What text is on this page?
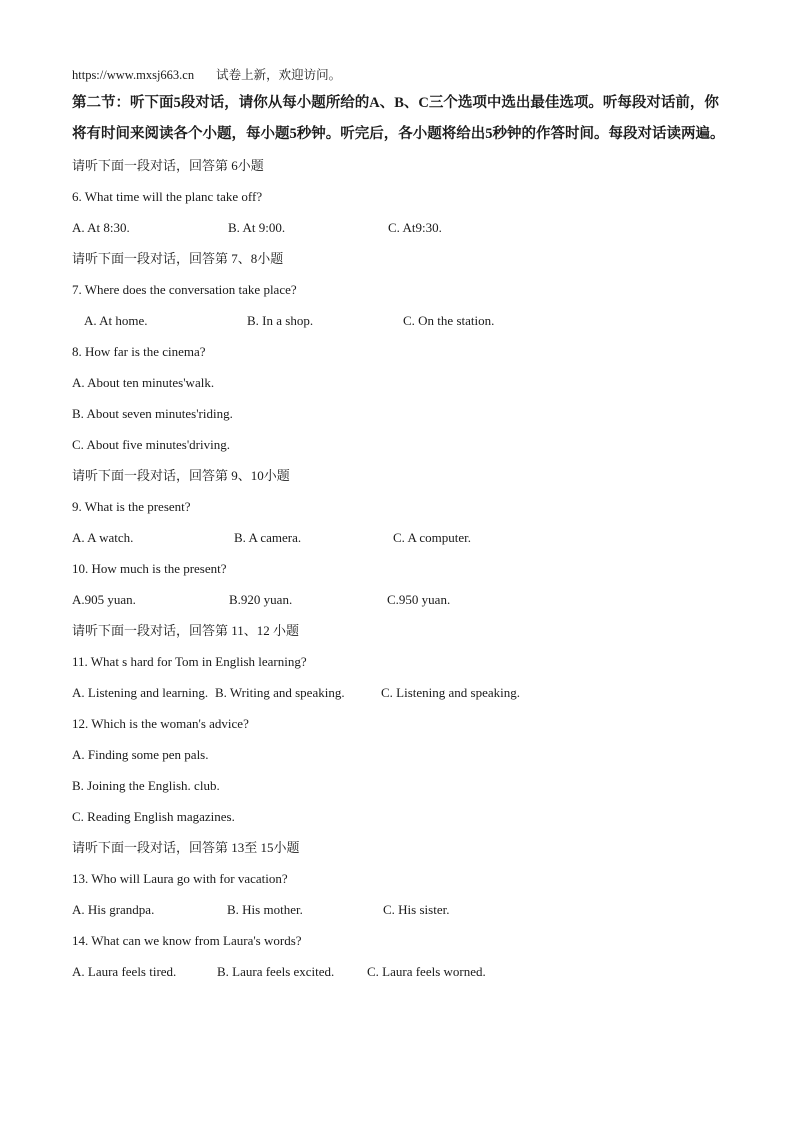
https://www.mxsj663.cn 试卷上新，欢迎访问。
第二节：听下面5段对话，请你从每小题所给的A、B、C三个选项中选出最佳选项。听每段对话前，你将有时间来阅读各个小题，每小题5秒钟。听完后，各小题将给出5秒钟的作答时间。每段对话读两遍。
请听下面一段对话，回答第 6小题
6. What time will the planc take off?
A. At 8:30.	B. At 9:00.	C. At9:30.
请听下面一段对话，回答第 7、8小题
7. Where does the conversation take place?
A. At home.	B. In a shop.	C. On the station.
8. How far is the cinema?
A. About ten minutes'walk.
B. About seven minutes'riding.
C. About five minutes'driving.
请听下面一段对话，回答第 9、10小题
9. What is the present?
A. A watch.	B. A camera.	C. A computer.
10. How much is the present?
A.905 yuan.	B.920 yuan.	C.950 yuan.
请听下面一段对话，回答第 11、12 小题
11. What s hard for Tom in English learning?
A. Listening and learning. B. Writing and speaking.	C. Listening and speaking.
12. Which is the woman's advice?
A. Finding some pen pals.
B. Joining the English. club.
C. Reading English magazines.
请听下面一段对话，回答第 13至 15小题
13. Who will Laura go with for vacation?
A. His grandpa.	B. His mother.	C. His sister.
14. What can we know from Laura's words?
A. Laura feels tired.	B. Laura feels excited.	C. Laura feels worned.
